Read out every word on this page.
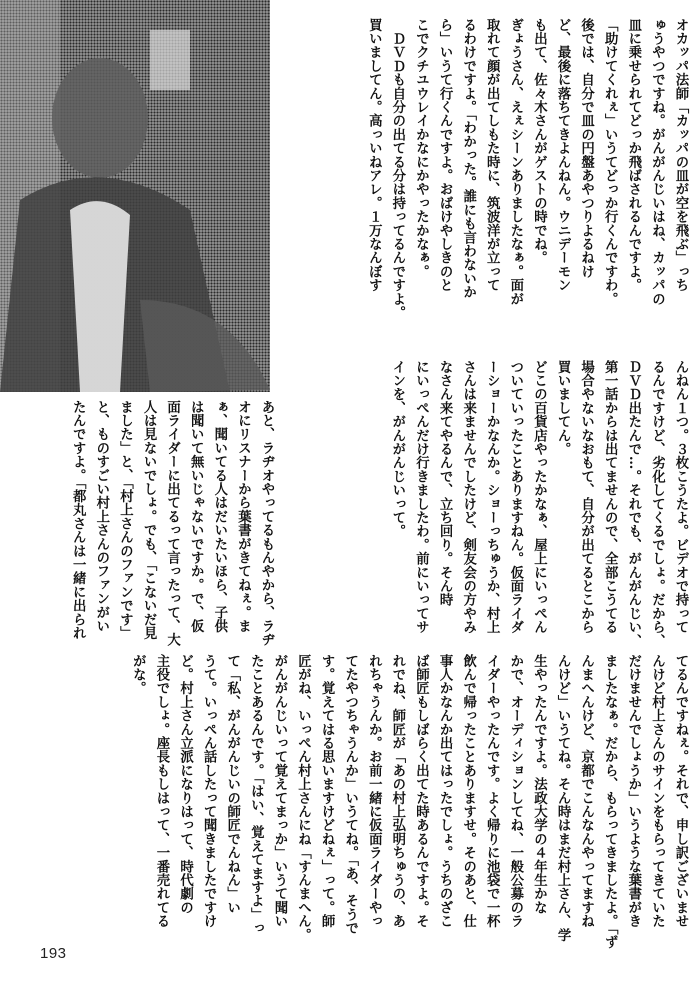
オカッパ法師「カッパの皿が空を飛ぶ」っち

ゅうやつですね。がんがんじいはね、カッパの

皿に乗せられてどっか飛ばされるんですよ。

「助けてくれぇ」いうてどっか行くんですわ。

後では、自分で皿の円盤あやつりよるねけ

ど、最後に落ちてきよんねん。ウニデーモン

も出て、佐々木さんがゲストの時でね。

ぎょうさん、えぇシーンありましたなぁ。面が

取れて顔が出てしもた時に、筑波洋が立って

るわけですよ。「わかった。誰にも言わないか

ら」いうて行くんですよ。おばけやしきのと

こでクチユウレイかなにかやったかなぁ。

　ＤＶＤも自分の出てる分は持ってるんですよ。

買いましてん。高っいねアレ。１万なんぼす

んねん１つ。３枚こうたよ。ビデオで持って

るんですけど、劣化してくるでしょ。だから、

ＤＶＤ出たんで…。それでも、がんがんじい、

第一話からは出てませんので、全部こうてる

場合やないなおもて、自分が出てるとこから

買いましてん。

どこの百貨店やったかなぁ、屋上にいっぺん

ついていったことありますねん。仮面ライダ

ーショーかなんか。ショーっちゅうか、村上

さんは来ませんでしたけど、剣友会の方やみ

なさん来てやるんで、立ち回り。そん時

にいっぺんだけ行きましたわ。前にいってサ

インを、がんがんじいって。

あと、ラヂオやってるもんやから、ラヂ

オにリスナーから葉書がきてねぇ。ま

ぁ、聞いてる人はだいたいほら、子供

は聞いて無いじゃないですか。で、仮

面ライダーに出てるって言ったって、大

人は見ないでしょ。でも、「こないだ見

ました」と、「村上さんのファンです」

と、ものすごい村上さんのファンがい

たんですよ。「都丸さんは一緒に出られ

てるんですねぇ。それで、申し訳ございませ

んけど村上さんのサインをもらってきていた

だけませんでしょうか」いうような葉書がき

ましたなぁ。だから、もらってきましたよ。「ず

んまへんけど、京都でこんなんやってますね

んけど」いうてね。そん時はまだ村上さん、学

生やったんですよ。法政大学の４年生かな

かで、オーディションしてね、一般公募のラ

イダーやったんです。よく帰りに池袋で一杯

飲んで帰ったことありますせ。そのあと、仕

事人かなんか出てはったでしょ。うちのざこ

ば師匠もしばらく出てた時あるんですよ。そ

れでね、師匠が「あの村上弘明ちゅうの、あ

れちゃうんか。お前一緒に仮面ライダーやっ

てたやつちゃうんか」いうてね。「あ、そうで

す。覚えてはる思いますけどねぇ」って。師

匠がね、いっぺん村上さんにね「すんまへん。

がんがんじいって覚えてまっか」いうて聞い

たことあるんです。「はい、覚えてますよ」っ

て「私、がんがんじいの師匠でんねん」い

うて。いっぺん話したって聞きましたですけ

ど。村上さん立派になりはって、時代劇の

主役でしょ。座長もしはって、一番売れてる

がな。

193
